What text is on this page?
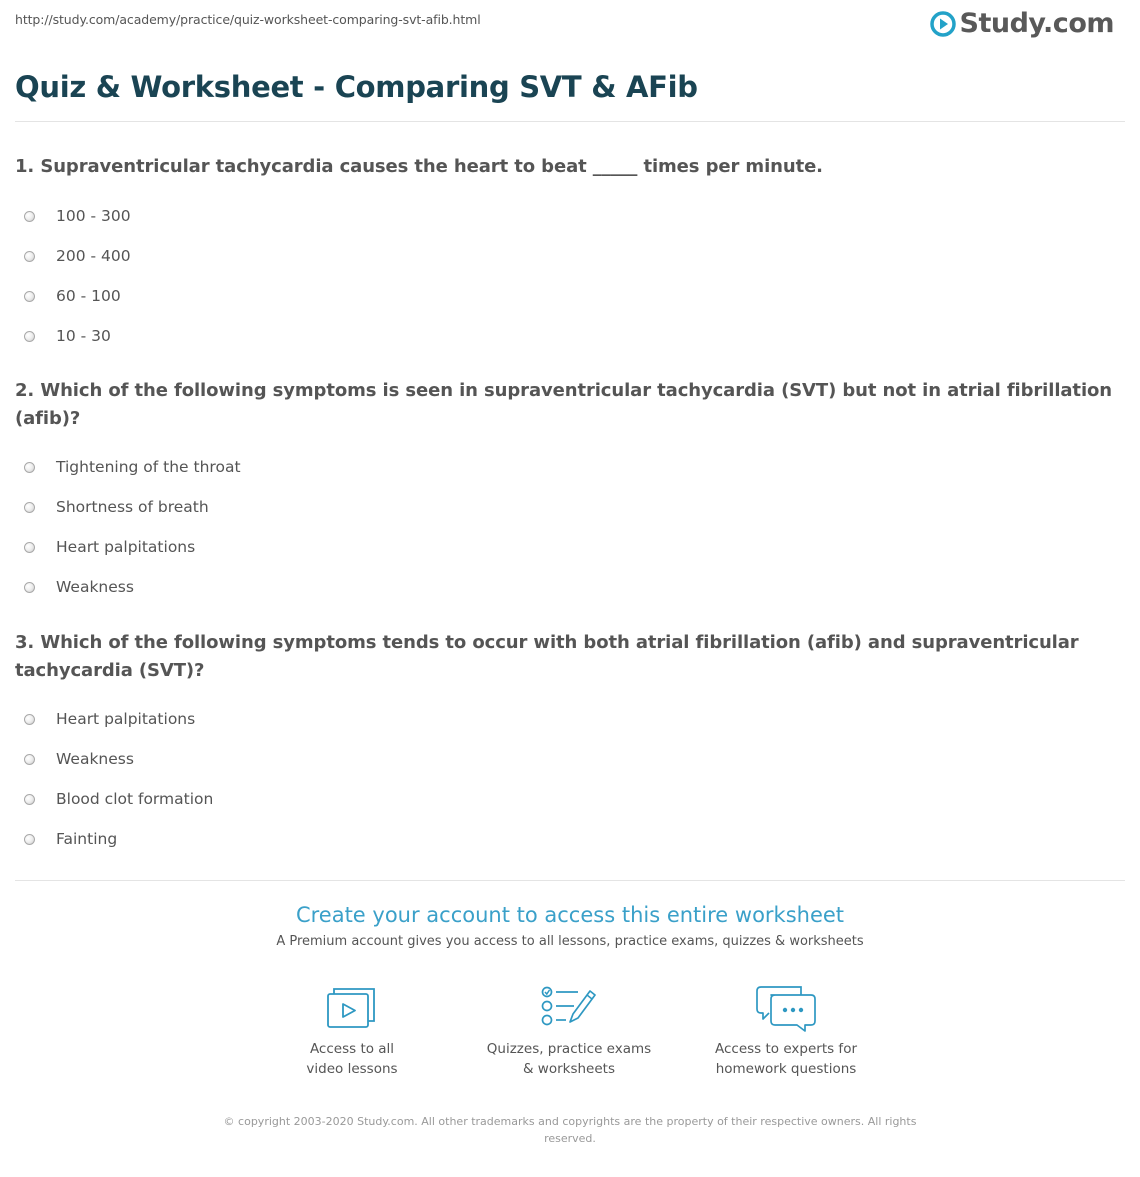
http://study.com/academy/practice/quiz-worksheet-comparing-svt-afib.html	Study.com
Quiz & Worksheet - Comparing SVT & AFib
1. Supraventricular tachycardia causes the heart to beat _____ times per minute.
100 - 300
200 - 400
60 - 100
10 - 30
2. Which of the following symptoms is seen in supraventricular tachycardia (SVT) but not in atrial fibrillation (afib)?
Tightening of the throat
Shortness of breath
Heart palpitations
Weakness
3. Which of the following symptoms tends to occur with both atrial fibrillation (afib) and supraventricular tachycardia (SVT)?
Heart palpitations
Weakness
Blood clot formation
Fainting
Create your account to access this entire worksheet
A Premium account gives you access to all lessons, practice exams, quizzes & worksheets
Access to all
video lessons
Quizzes, practice exams
& worksheets
Access to experts for
homework questions
© copyright 2003-2020 Study.com. All other trademarks and copyrights are the property of their respective owners. All rights reserved.
